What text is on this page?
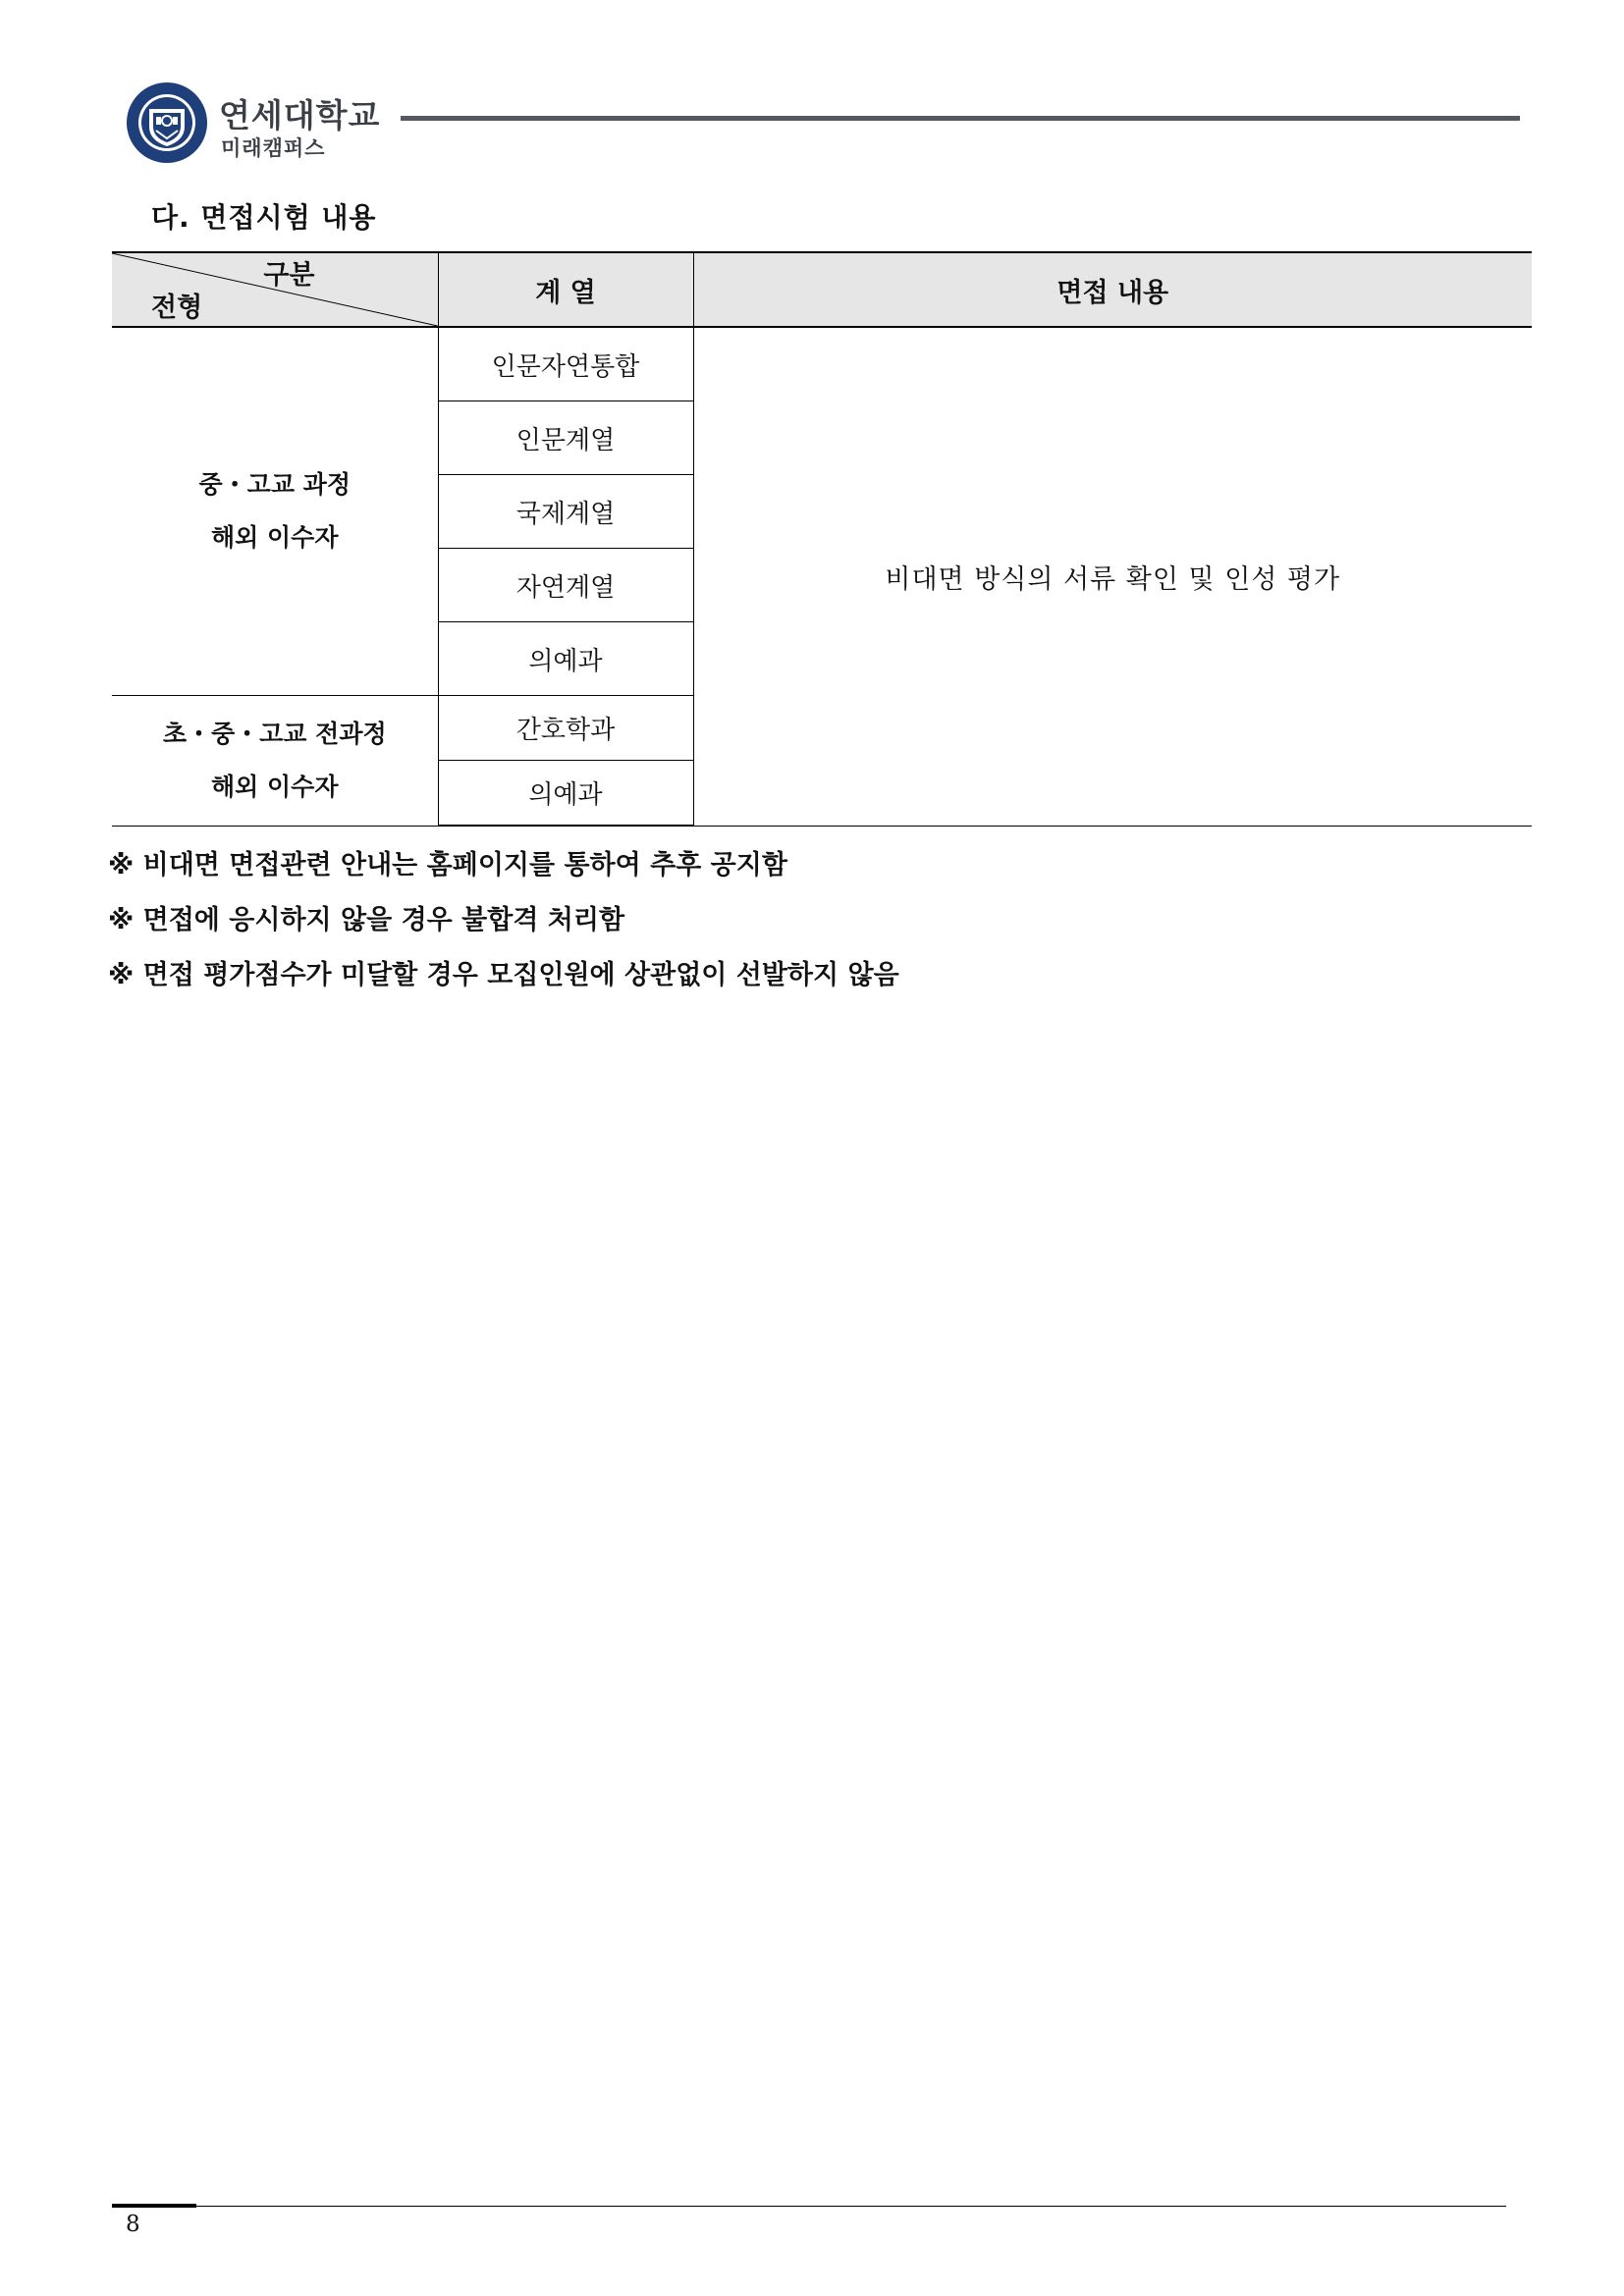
연세대학교
미래캠퍼스
다. 면접시험 내용
구분
전형	계 열	면접 내용

중・고교 과정
해외 이수자	인문자연통합	비대면 방식의 서류 확인 및 인성 평가
	인문계열	
	국제계열	
	자연계열	
	의예과	

초・중・고교 전과정
해외 이수자	간호학과	
	의예과	
※ 비대면 면접관련 안내는 홈페이지를 통하여 추후 공지함
※ 면접에 응시하지 않을 경우 불합격 처리함
※ 면접 평가점수가 미달할 경우 모집인원에 상관없이 선발하지 않음
8
